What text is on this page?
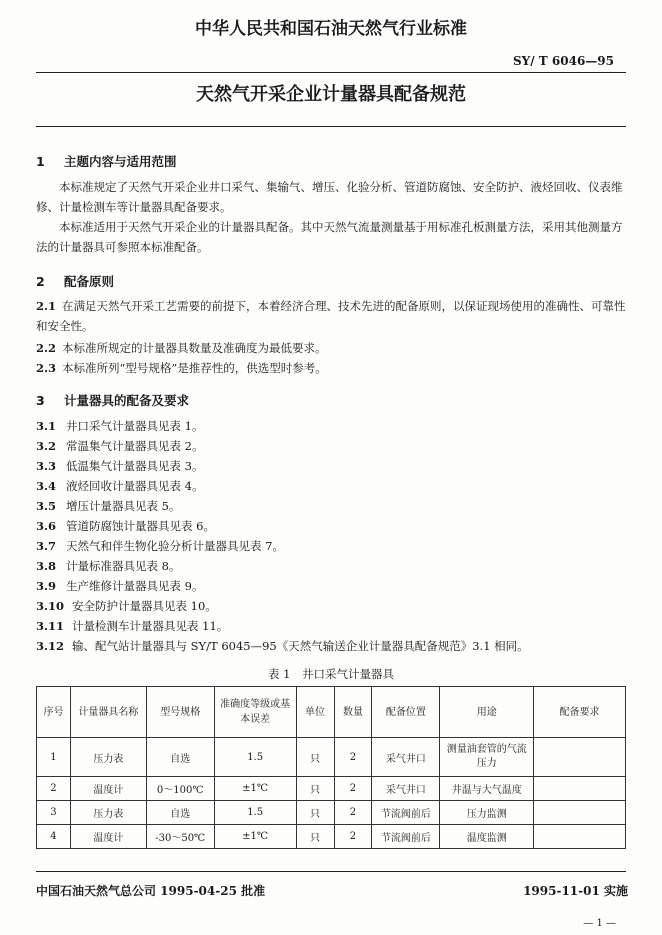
中华人民共和国石油天然气行业标准
SY/ T 6046—95
天然气开采企业计量器具配备规范
1 主题内容与适用范围
本标准规定了天然气开采企业井口采气、集输气、增压、化验分析、管道防腐蚀、安全防护、液烃回收、仪表维修、计量检测车等计量器具配备要求。
本标准适用于天然气开采企业的计量器具配备。其中天然气流量测量基于用标准孔板测量方法，采用其他测量方法的计量器具可参照本标准配备。
2 配备原则
2.1 在满足天然气开采工艺需要的前提下，本着经济合理、技术先进的配备原则，以保证现场使用的准确性、可靠性和安全性。
2.2 本标准所规定的计量器具数量及准确度为最低要求。
2.3 本标准所列“型号规格”是推荐性的，供选型时参考。
3 计量器具的配备及要求
3.1 井口采气计量器具见表 1。
3.2 常温集气计量器具见表 2。
3.3 低温集气计量器具见表 3。
3.4 液烃回收计量器具见表 4。
3.5 增压计量器具见表 5。
3.6 管道防腐蚀计量器具见表 6。
3.7 天然气和伴生物化验分析计量器具见表 7。
3.8 计量标准器具见表 8。
3.9 生产维修计量器具见表 9。
3.10 安全防护计量器具见表 10。
3.11 计量检测车计量器具见表 11。
3.12 输、配气站计量器具与 SY/T 6045—95《天然气输送企业计量器具配备规范》3.1 相同。
表 1　井口采气计量器具
序号	计量器具名称	型号规格	准确度等级或基本误差	单位	数量	配备位置	用途	配备要求
1	压力表	自选	1.5	只	2	采气井口	测量油套管的气流压力	
2	温度计	0～100℃	±1℃	只	2	采气井口	井温与大气温度	
3	压力表	自选	1.5	只	2	节流阀前后	压力监测	
4	温度计	-30～50℃	±1℃	只	2	节流阀前后	温度监测	
中国石油天然气总公司 1995-04-25 批准	1995-11-01 实施
— 1 —
